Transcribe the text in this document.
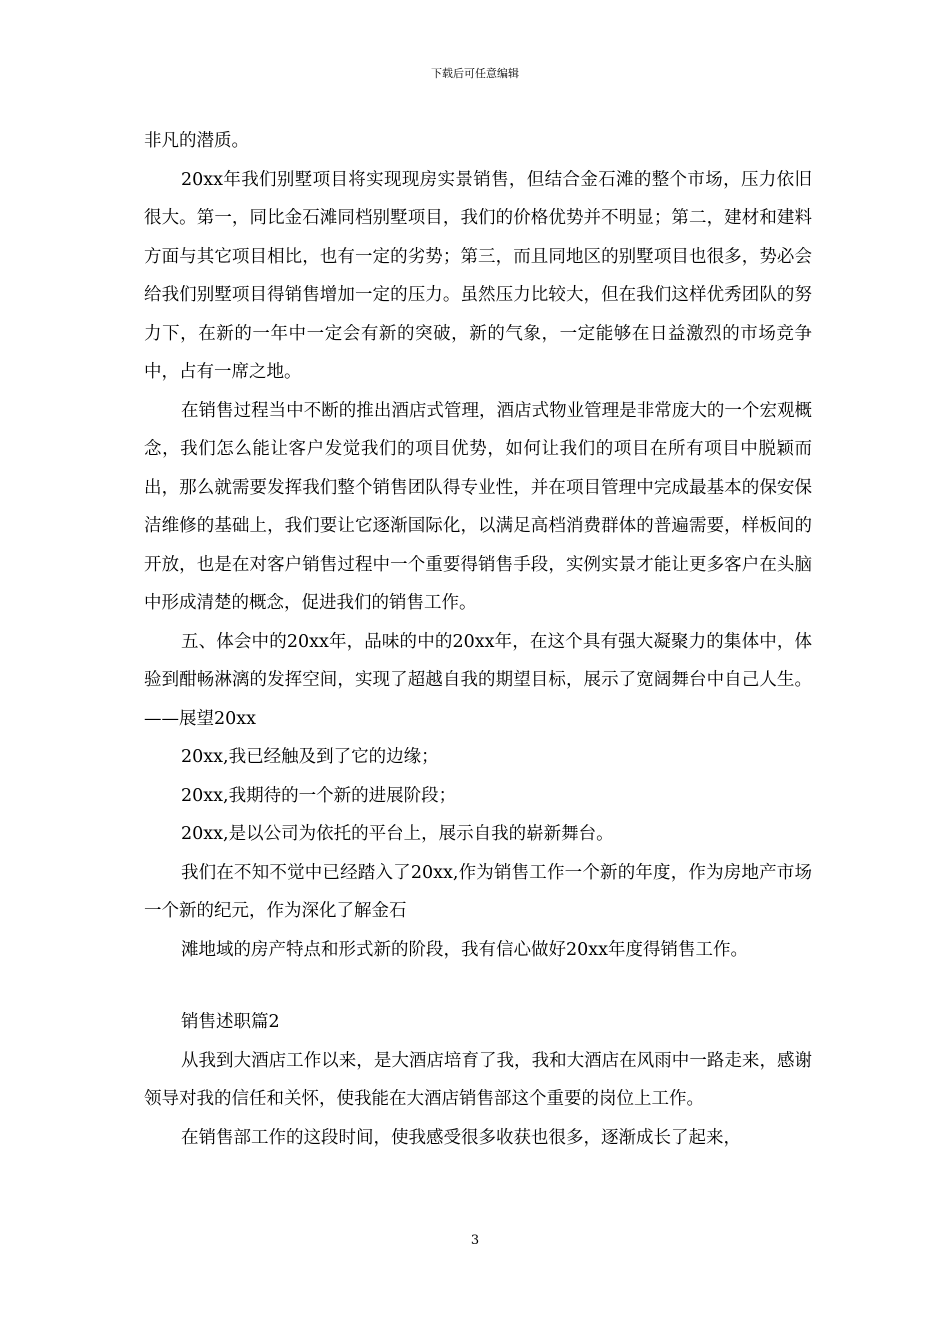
下载后可任意编辑

非凡的潜质。

20xx年我们别墅项目将实现现房实景销售，但结合金石滩的整个市场，压力依旧很大。第一，同比金石滩同档别墅项目，我们的价格优势并不明显；第二，建材和建料方面与其它项目相比，也有一定的劣势；第三，而且同地区的别墅项目也很多，势必会给我们别墅项目得销售增加一定的压力。虽然压力比较大，但在我们这样优秀团队的努力下，在新的一年中一定会有新的突破，新的气象，一定能够在日益激烈的市场竞争中，占有一席之地。

在销售过程当中不断的推出酒店式管理，酒店式物业管理是非常庞大的一个宏观概念，我们怎么能让客户发觉我们的项目优势，如何让我们的项目在所有项目中脱颖而出，那么就需要发挥我们整个销售团队得专业性，并在项目管理中完成最基本的保安保洁维修的基础上，我们要让它逐渐国际化，以满足高档消费群体的普遍需要，样板间的开放，也是在对客户销售过程中一个重要得销售手段，实例实景才能让更多客户在头脑中形成清楚的概念，促进我们的销售工作。

五、体会中的20xx年，品味的中的20xx年，在这个具有强大凝聚力的集体中，体验到酣畅淋漓的发挥空间，实现了超越自我的期望目标，展示了宽阔舞台中自己人生。——展望20xx

20xx,我已经触及到了它的边缘；

20xx,我期待的一个新的进展阶段；

20xx,是以公司为依托的平台上，展示自我的崭新舞台。

我们在不知不觉中已经踏入了20xx,作为销售工作一个新的年度，作为房地产市场一个新的纪元，作为深化了解金石

滩地域的房产特点和形式新的阶段，我有信心做好20xx年度得销售工作。

销售述职篇2

从我到大酒店工作以来，是大酒店培育了我，我和大酒店在风雨中一路走来，感谢领导对我的信任和关怀，使我能在大酒店销售部这个重要的岗位上工作。

在销售部工作的这段时间，使我感受很多收获也很多，逐渐成长了起来，

3
